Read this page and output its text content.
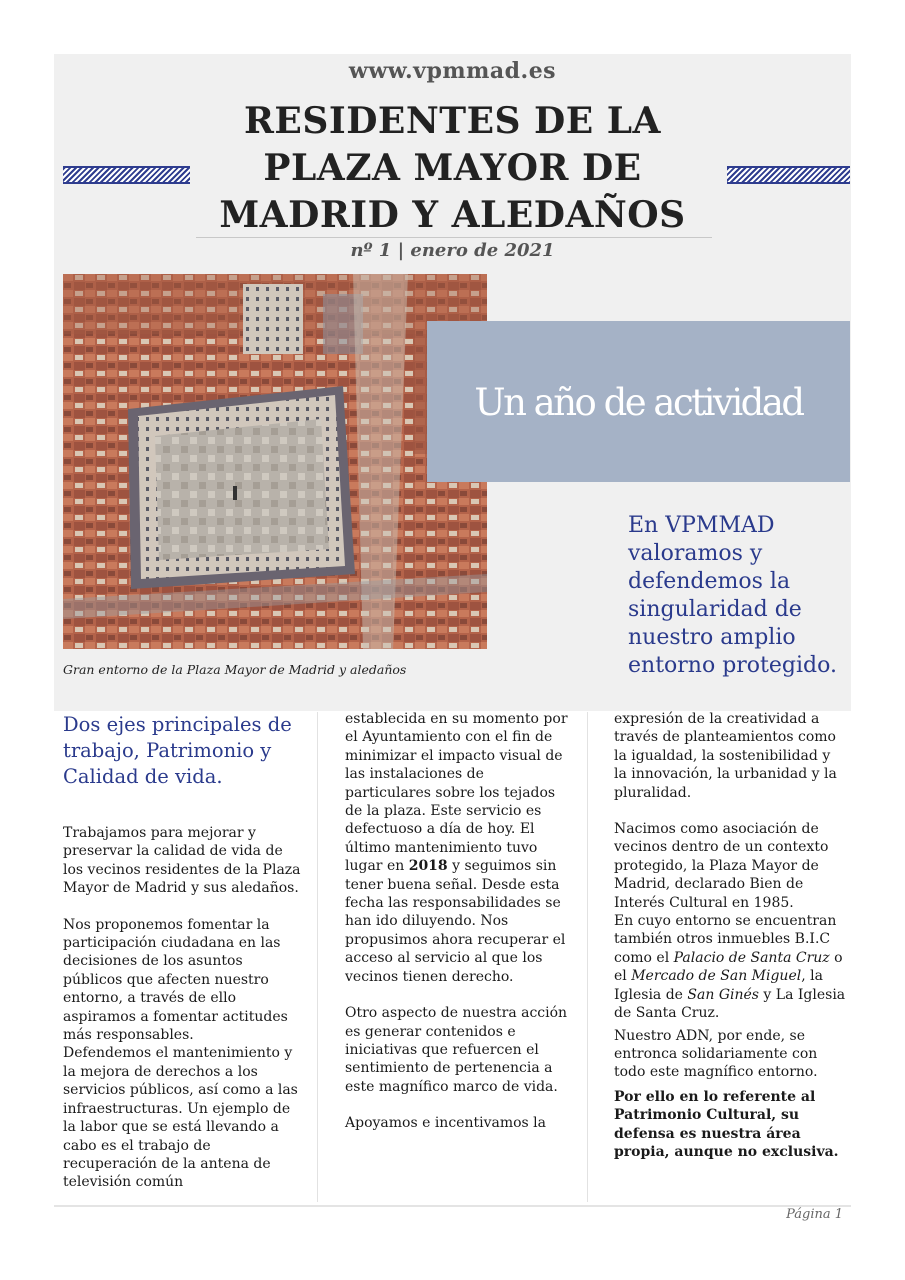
www.vpmmad.es
RESIDENTES DE LA
PLAZA MAYOR DE
MADRID Y ALEDAÑOS
nº 1 | enero de 2021
Gran entorno de la Plaza Mayor de Madrid y aledaños
Un año de actividad
En VPMMAD valoramos y defendemos la singularidad de nuestro amplio entorno protegido.
Dos ejes principales de trabajo, Patrimonio y Calidad de vida.

Trabajamos para mejorar y preservar la calidad de vida de los vecinos residentes de la Plaza Mayor de Madrid y sus aledaños.

Nos proponemos fomentar la participación ciudadana en las decisiones de los asuntos públicos que afecten nuestro entorno, a través de ello aspiramos a fomentar actitudes más responsables.

Defendemos el mantenimiento y la mejora de derechos a los servicios públicos, así como a las infraestructuras. Un ejemplo de la labor que se está llevando a cabo es el trabajo de recuperación de la antena de televisión común

establecida en su momento por el Ayuntamiento con el fin de minimizar el impacto visual de las instalaciones de particulares sobre los tejados de la plaza. Este servicio es defectuoso a día de hoy. El último mantenimiento tuvo lugar en 2018 y seguimos sin tener buena señal. Desde esta fecha las responsabilidades se han ido diluyendo. Nos propusimos ahora recuperar el acceso al servicio al que los vecinos tienen derecho.

Otro aspecto de nuestra acción es generar contenidos e iniciativas que refuercen el sentimiento de pertenencia a este magnífico marco de vida.

Apoyamos e incentivamos la

expresión de la creatividad a través de planteamientos como la igualdad, la sostenibilidad y la innovación, la urbanidad y la pluralidad.

Nacimos como asociación de vecinos dentro de un contexto protegido, la Plaza Mayor de Madrid, declarado Bien de Interés Cultural en 1985.

En cuyo entorno se encuentran también otros inmuebles B.I.C como el Palacio de Santa Cruz o el Mercado de San Miguel, la Iglesia de San Ginés y La Iglesia de Santa Cruz.

Nuestro ADN, por ende, se entronca solidariamente con todo este magnífico entorno.

Por ello en lo referente al Patrimonio Cultural, su defensa es nuestra área propia, aunque no exclusiva.

Página 1
